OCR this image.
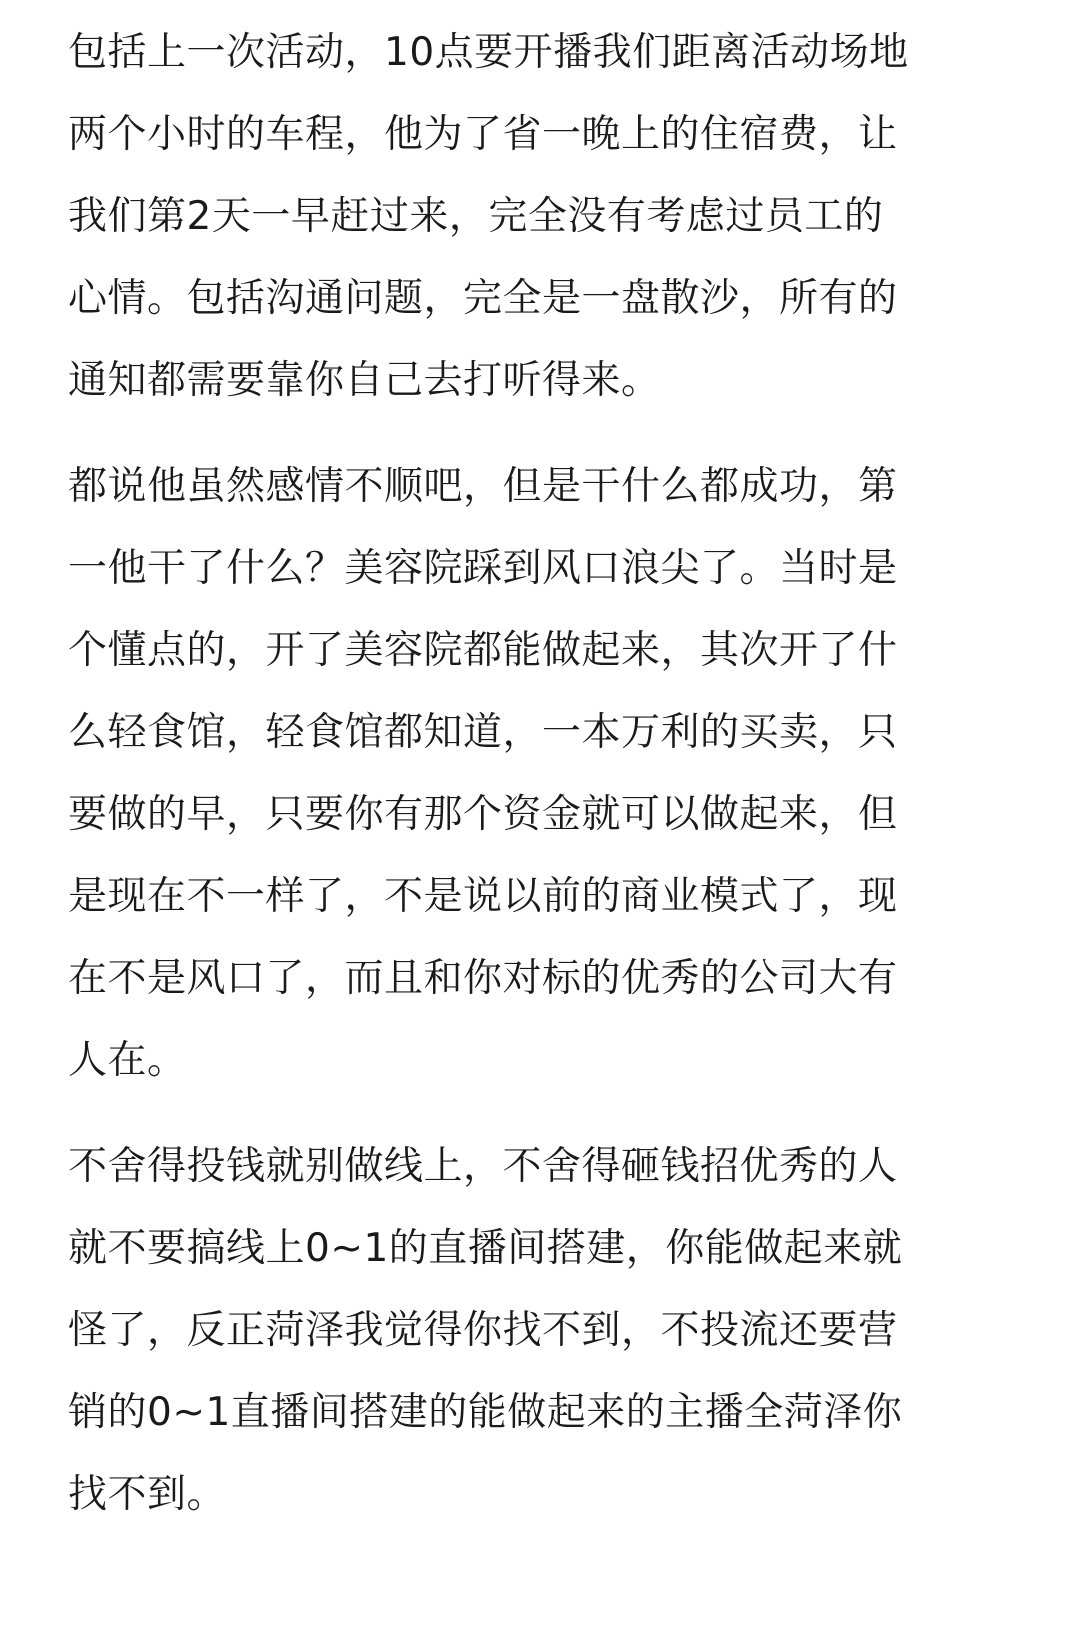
包括上一次活动，10点要开播我们距离活动场地
两个小时的车程，他为了省一晚上的住宿费，让
我们第2天一早赶过来，完全没有考虑过员工的
心情。包括沟通问题，完全是一盘散沙，所有的
通知都需要靠你自己去打听得来。
都说他虽然感情不顺吧，但是干什么都成功，第
一他干了什么？美容院踩到风口浪尖了。当时是
个懂点的，开了美容院都能做起来，其次开了什
么轻食馆，轻食馆都知道，一本万利的买卖，只
要做的早，只要你有那个资金就可以做起来，但
是现在不一样了，不是说以前的商业模式了，现
在不是风口了，而且和你对标的优秀的公司大有
人在。
不舍得投钱就别做线上，不舍得砸钱招优秀的人
就不要搞线上0~1的直播间搭建，你能做起来就
怪了，反正菏泽我觉得你找不到，不投流还要营
销的0~1直播间搭建的能做起来的主播全菏泽你
找不到。
